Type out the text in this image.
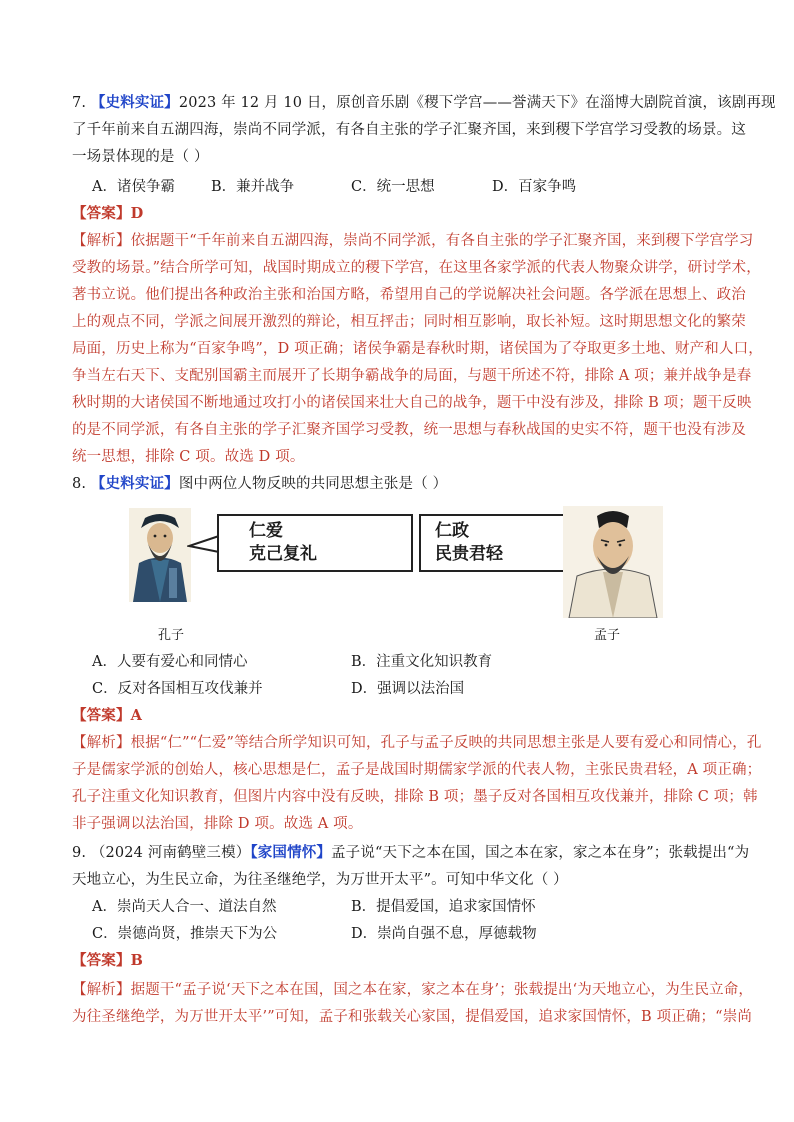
7. 【史料实证】2023 年 12 月 10 日，原创音乐剧《稷下学宫——誉满天下》在淄博大剧院首演，该剧再现
了千年前来自五湖四海，崇尚不同学派，有各自主张的学子汇聚齐国，来到稷下学宫学习受教的场景。这
一场景体现的是（ ）
A．诸侯争霸 B．兼并战争	C．统一思想	D．百家争鸣
【答案】D
【解析】依据题干“千年前来自五湖四海，崇尚不同学派，有各自主张的学子汇聚齐国，来到稷下学宫学习
受教的场景。”结合所学可知，战国时期成立的稷下学宫，在这里各家学派的代表人物聚众讲学，研讨学术，
著书立说。他们提出各种政治主张和治国方略，希望用自己的学说解决社会问题。各学派在思想上、政治
上的观点不同，学派之间展开激烈的辩论，相互抨击；同时相互影响，取长补短。这时期思想文化的繁荣
局面，历史上称为“百家争鸣”，D 项正确；诸侯争霸是春秋时期，诸侯国为了夺取更多土地、财产和人口，
争当左右天下、支配别国霸主而展开了长期争霸战争的局面，与题干所述不符，排除 A 项；兼并战争是春
秋时期的大诸侯国不断地通过攻打小的诸侯国来壮大自己的战争，题干中没有涉及，排除 B 项；题干反映
的是不同学派，有各自主张的学子汇聚齐国学习受教，统一思想与春秋战国的史实不符，题干也没有涉及
统一思想，排除 C 项。故选 D 项。
8. 【史料实证】图中两位人物反映的共同思想主张是（ ）
仁爱
克己复礼
仁政
民贵君轻
孔子	孟子
A．人要有爱心和同情心	B．注重文化知识教育
C．反对各国相互攻伐兼并	D．强调以法治国
【答案】A
【解析】根据“仁”“仁爱”等结合所学知识可知，孔子与孟子反映的共同思想主张是人要有爱心和同情心，孔
子是儒家学派的创始人，核心思想是仁，孟子是战国时期儒家学派的代表人物，主张民贵君轻，A 项正确；
孔子注重文化知识教育，但图片内容中没有反映，排除 B 项；墨子反对各国相互攻伐兼并，排除 C 项；韩
非子强调以法治国，排除 D 项。故选 A 项。
9. （2024 河南鹤壁三模）【家国情怀】孟子说“天下之本在国，国之本在家，家之本在身”；张载提出“为
天地立心，为生民立命，为往圣继绝学，为万世开太平”。可知中华文化（ ）
A．崇尚天人合一、道法自然	B．提倡爱国，追求家国情怀
C．崇德尚贤，推崇天下为公	D．崇尚自强不息，厚德载物
【答案】B
【解析】据题干“孟子说‘天下之本在国，国之本在家，家之本在身’；张载提出‘为天地立心，为生民立命，
为往圣继绝学，为万世开太平’”可知，孟子和张载关心家国，提倡爱国，追求家国情怀，B 项正确；“崇尚
